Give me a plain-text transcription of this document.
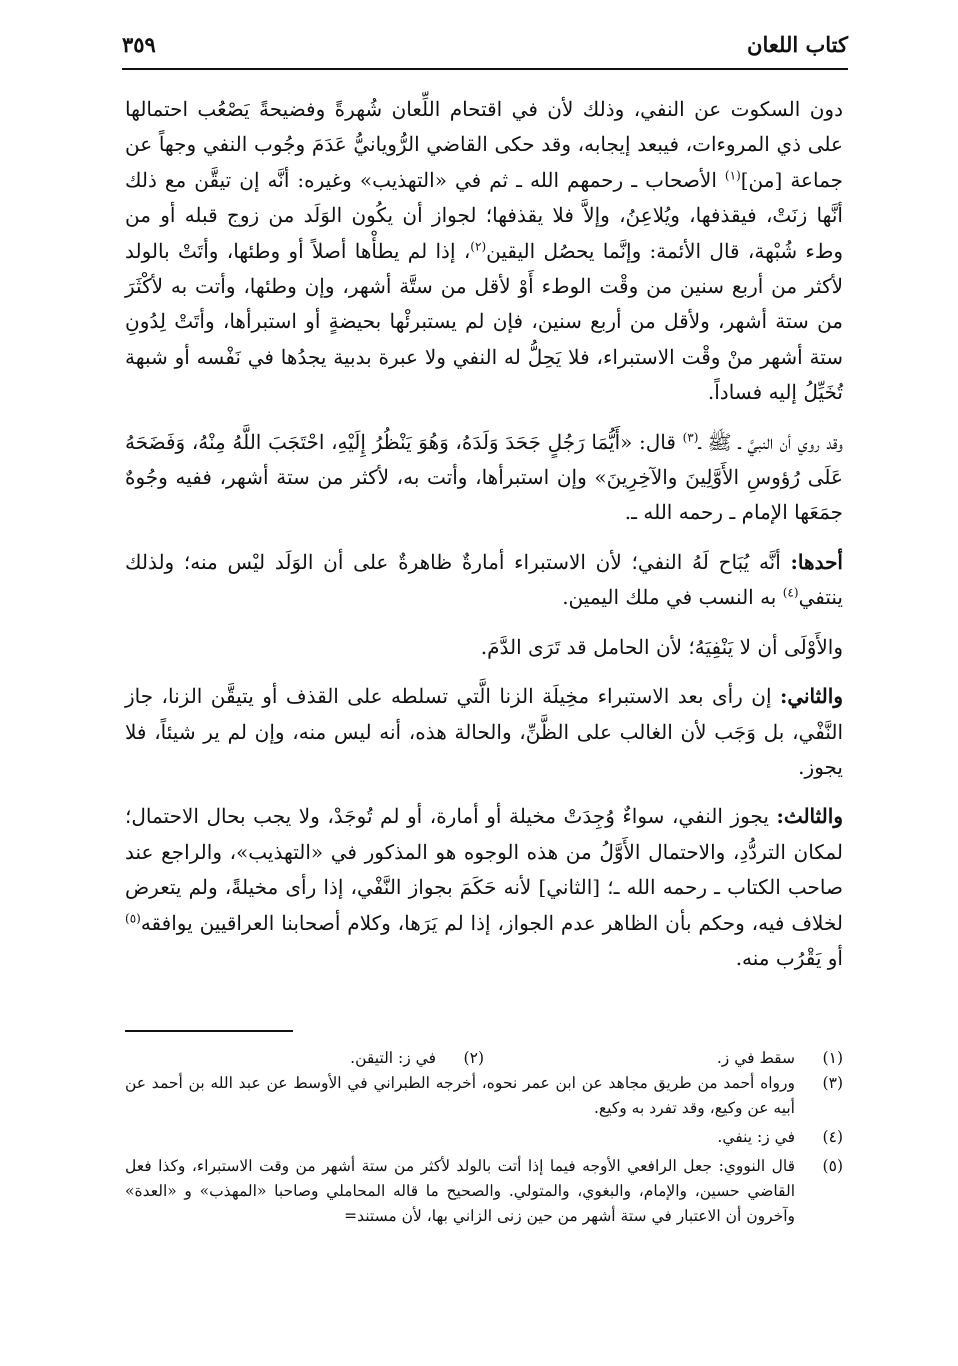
كتاب اللعان
٣٥٩

دون السكوت عن النفي، وذلك لأن في اقتحام اللِّعان شُهرةً وفضيحةً يَصْعُب احتمالها على ذي المروءات، فيبعد إيجابه، وقد حكى القاضي الرُّويانيُّ عَدَمَ وجُوب النفي وجهاً عن جماعة [من]$^{(١)}$ الأصحاب ـ رحمهم الله ـ ثم في «التهذيب» وغيره: أنَّه إن تيقَّن مع ذلك أنَّها زنَتْ، فيقذفها، ويُلاعِنُ، وإلاَّ فلا يقذفها؛ لجواز أن يكُون الوَلَد من زوج قبله أو من وطء شُبْهة، قال الأئمة: وإنَّما يحصُل اليقين$^{(٢)}$، إذا لم يطأْها أصلاً أو وطئها، وأتَتْ بالولد لأكثر من أربع سنين من وقْت الوطء أَوْ لأقل من ستَّة أشهر، وإن وطئها، وأتت به لأكْثَرَ من ستة أشهر، ولأقل من أربع سنين، فإن لم يستبرئْها بحيضةٍ أو استبرأها، وأتَتْ لِدُونِ ستة أشهر منْ وقْت الاستبراء، فلا يَحِلُّ له النفي ولا عبرة بدبية يجدُها في نَفْسه أو شبهة تُخَيِّلُ إليه فساداً.

وقد روي أن النبيَّ ـ ﷺ ـ$^{(٣)}$ قال: «أَيُّمَا رَجُلٍ جَحَدَ وَلَدَهُ، وَهُوَ يَنْظُرُ إِلَيْهِ، احْتَجَبَ اللَّهُ مِنْهُ، وَفَضَحَهُ عَلَى رُؤوسِ الأَوَّلِينَ والآخِرِينَ» وإن استبرأها، وأتت به، لأكثر من ستة أشهر، ففيه وجُوهٌ جمَعَها الإمام ـ رحمه الله ـ.

أحدها: أنَّه يُبَاح لَهُ النفي؛ لأن الاستبراء أمارةٌ ظاهرةٌ على أن الوَلَد ليْس منه؛ ولذلك ينتفي$^{(٤)}$ به النسب في ملك اليمين.

والأَوْلَى أن لا يَنْفِيَهُ؛ لأن الحامل قد تَرَى الدَّمَ.

والثاني: إن رأى بعد الاستبراء مخِيلَة الزنا الَّتي تسلطه على القذف أو يتيقَّن الزنا، جاز النَّفْي، بل وَجَب لأن الغالب على الظَّنِّ، والحالة هذه، أنه ليس منه، وإن لم ير شيئاً، فلا يجوز.

والثالث: يجوز النفي، سواءٌ وُجِدَتْ مخيلة أو أمارة، أو لم تُوجَدْ، ولا يجب بحال الاحتمال؛ لمكان التردُّدِ، والاحتمال الأَوَّلُ من هذه الوجوه هو المذكور في «التهذيب»، والراجع عند صاحب الكتاب ـ رحمه الله ـ؛ [الثاني] لأنه حَكَمَ بجواز النَّفْي، إذا رأى مخيلةً، ولم يتعرض لخلاف فيه، وحكم بأن الظاهر عدم الجواز، إذا لم يَرَها، وكلام أصحابنا العراقيين يوافقه$^{(٥)}$ أو يَقْرُب منه.

(١)
سقط في ز.
(٢)
في ز: التيقن.
(٣)
ورواه أحمد من طريق مجاهد عن ابن عمر نحوه، أخرجه الطبراني في الأوسط عن عبد الله بن أحمد عن أبيه عن وكيع، وقد تفرد به وكيع.
(٤)
في ز: ينفي.
(٥)
قال النووي: جعل الرافعي الأوجه فيما إذا أتت بالولد لأكثر من ستة أشهر من وقت الاستبراء، وكذا فعل القاضي حسين، والإمام، والبغوي، والمتولي. والصحيح ما قاله المحاملي وصاحبا «المهذب» و «العدة» وآخرون أن الاعتبار في ستة أشهر من حين زنى الزاني بها، لأن مستند=
